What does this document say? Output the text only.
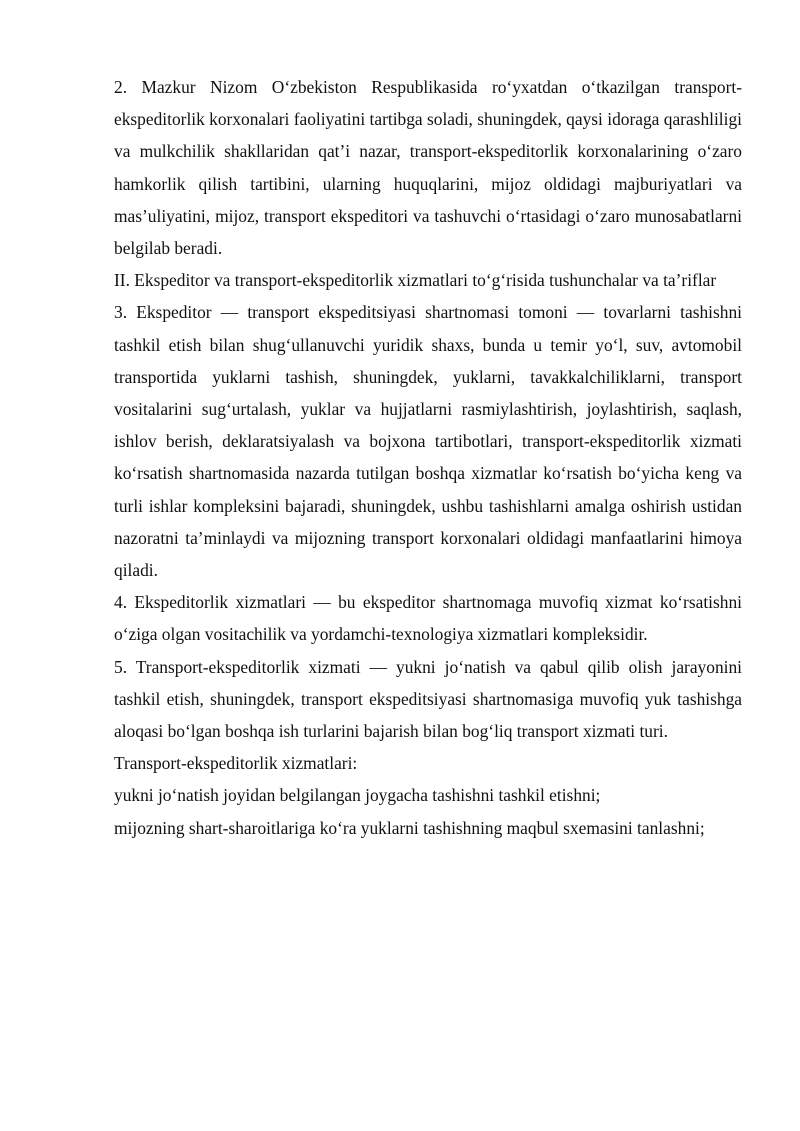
2. Mazkur Nizom O‘zbekiston Respublikasida ro‘yxatdan o‘tkazilgan transport-ekspeditorlik korxonalari faoliyatini tartibga soladi, shuningdek, qaysi idoraga qarashliligi va mulkchilik shakllaridan qat’i nazar, transport-ekspeditorlik korxonalarining o‘zaro hamkorlik qilish tartibini, ularning huquqlarini, mijoz oldidagi majburiyatlari va mas’uliyatini, mijoz, transport ekspeditori va tashuvchi o‘rtasidagi o‘zaro munosabatlarni belgilab beradi.

II. Ekspeditor va transport-ekspeditorlik xizmatlari to‘g‘risida tushunchalar va ta’riflar

3. Ekspeditor — transport ekspeditsiyasi shartnomasi tomoni — tovarlarni tashishni tashkil etish bilan shug‘ullanuvchi yuridik shaxs, bunda u temir yo‘l, suv, avtomobil transportida yuklarni tashish, shuningdek, yuklarni, tavakkalchiliklarni, transport vositalarini sug‘urtalash, yuklar va hujjatlarni rasmiylashtirish, joylashtirish, saqlash, ishlov berish, deklaratsiyalash va bojxona tartibotlari, transport-ekspeditorlik xizmati ko‘rsatish shartnomasida nazarda tutilgan boshqa xizmatlar ko‘rsatish bo‘yicha keng va turli ishlar kompleksini bajaradi, shuningdek, ushbu tashishlarni amalga oshirish ustidan nazoratni ta’minlaydi va mijozning transport korxonalari oldidagi manfaatlarini himoya qiladi.

4. Ekspeditorlik xizmatlari — bu ekspeditor shartnomaga muvofiq xizmat ko‘rsatishni o‘ziga olgan vositachilik va yordamchi-texnologiya xizmatlari kompleksidir.

5. Transport-ekspeditorlik xizmati — yukni jo‘natish va qabul qilib olish jarayonini tashkil etish, shuningdek, transport ekspeditsiyasi shartnomasiga muvofiq yuk tashishga aloqasi bo‘lgan boshqa ish turlarini bajarish bilan bog‘liq transport xizmati turi.

Transport-ekspeditorlik xizmatlari:

yukni jo‘natish joyidan belgilangan joygacha tashishni tashkil etishni;

mijozning shart-sharoitlariga ko‘ra yuklarni tashishning maqbul sxemasini tanlashni;
